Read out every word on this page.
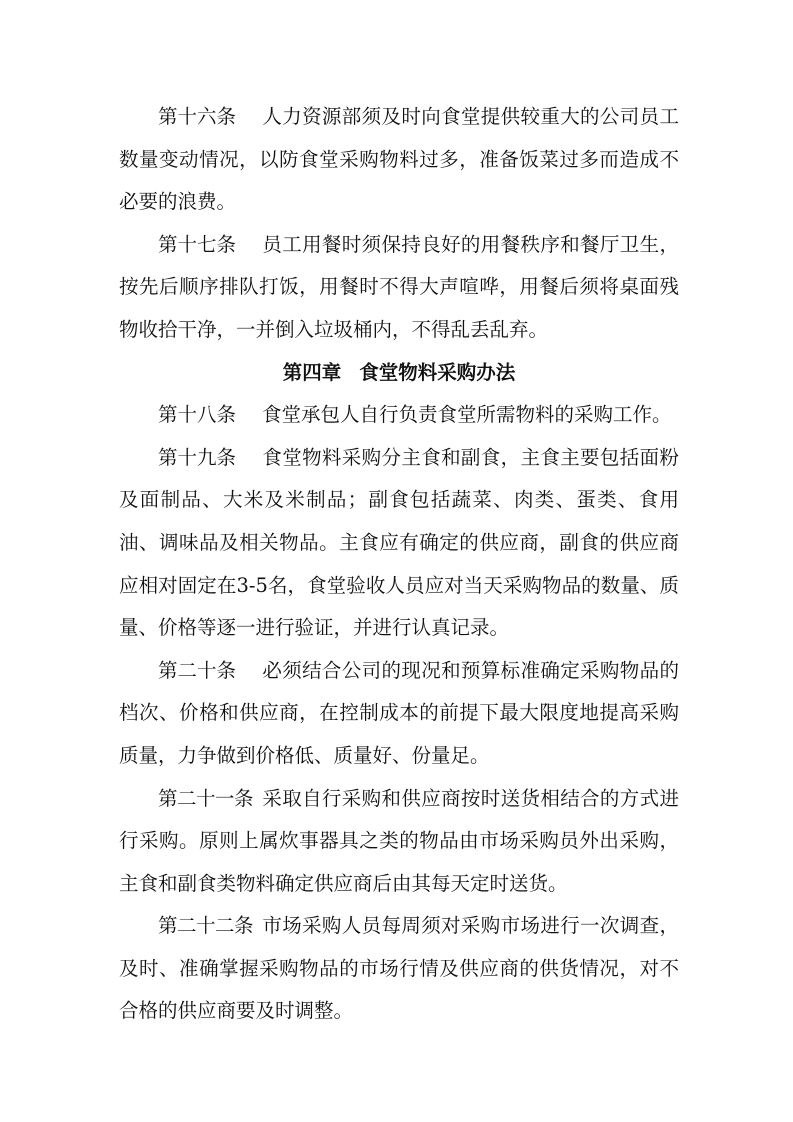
第十六条 人力资源部须及时向食堂提供较重大的公司员工数量变动情况，以防食堂采购物料过多，准备饭菜过多而造成不必要的浪费。

第十七条 员工用餐时须保持良好的用餐秩序和餐厅卫生，按先后顺序排队打饭，用餐时不得大声喧哗，用餐后须将桌面残物收拾干净，一并倒入垃圾桶内，不得乱丢乱弃。

第四章 食堂物料采购办法

第十八条 食堂承包人自行负责食堂所需物料的采购工作。

第十九条 食堂物料采购分主食和副食，主食主要包括面粉及面制品、大米及米制品；副食包括蔬菜、肉类、蛋类、食用油、调味品及相关物品。主食应有确定的供应商，副食的供应商应相对固定在3-5名，食堂验收人员应对当天采购物品的数量、质量、价格等逐一进行验证，并进行认真记录。

第二十条 必须结合公司的现况和预算标准确定采购物品的档次、价格和供应商，在控制成本的前提下最大限度地提高采购质量，力争做到价格低、质量好、份量足。

第二十一条 采取自行采购和供应商按时送货相结合的方式进行采购。原则上属炊事器具之类的物品由市场采购员外出采购，主食和副食类物料确定供应商后由其每天定时送货。

第二十二条 市场采购人员每周须对采购市场进行一次调查，及时、准确掌握采购物品的市场行情及供应商的供货情况，对不合格的供应商要及时调整。
